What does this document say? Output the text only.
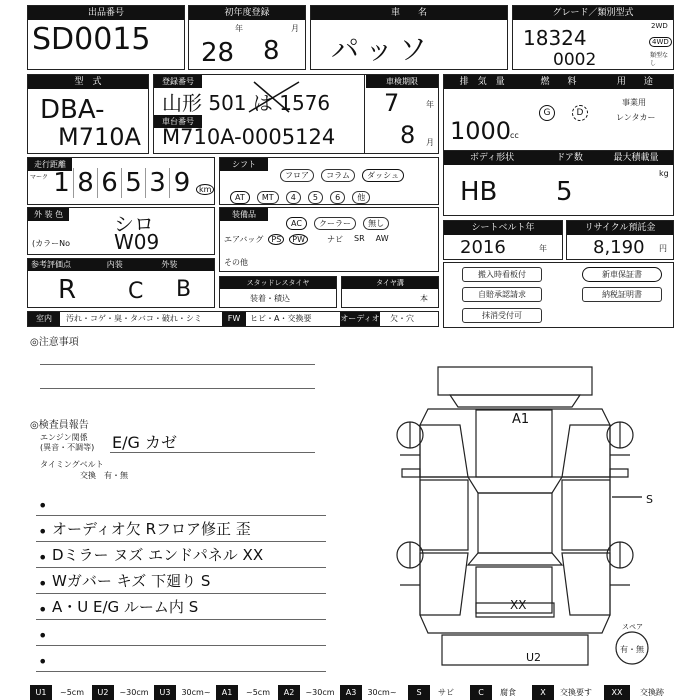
出品番号
SD0015
初年度登録
年	月
28 8
車　　名
パッソ
グレード／類別型式
18324
0002
2WD
4WD
類型なし
型　式
DBA-
M710A
登録番号
山形 501 は 1576
車台番号
M710A-0005124
車検期限
7	年
8 月
排　気　量	燃　　料	用　　途
1000
cc
G	D
事業用
レンタカー
走行距離
マーク 1 8 6 5 3 9	km
シフト
フロア コラム ダッシュ
AT MT 4 5 6 他
ボディ形状	ドア数	最大積載量
HB 5
kg
外 装 色	シロ
(カラーNo W09
装備品
AC クーラー 無し
エアバッグ	PS	PW	ナビ SR AW
その他
シートベルト年
2016	年
リサイクル預託金
8,190 円
参考評価点	内装	外装
R C B	スタッドレスタイヤ
装着・積込
タイヤ溝
本
搬入時看板付	新車保証書
自賠承認請求	納税証明書
抹消受付可
室内	汚れ・コゲ・臭・タバコ・破れ・シミ	FW	ヒビ・A・交換要	オーディオ 欠・穴
◎注意事項
◎検査員報告
エンジン関係
(異音・不調等) E/G カゼ
タイミングベルト
交換　有・無
•
• オーディオ欠 Rフロア修正 歪
• Dミラー ヌズ エンドパネル XX
• Wガバー キズ 下廻り S
• A・U E/G ルーム内 S
•
•
A1
S
XX
U2
スペア
有・無
U1	~5cm	U2	~30cm	U3	30cm~	A1	~5cm	A2	~30cm	A3	30cm~	S	サビ	C	腐食	X	交換要す	XX	交換跡
